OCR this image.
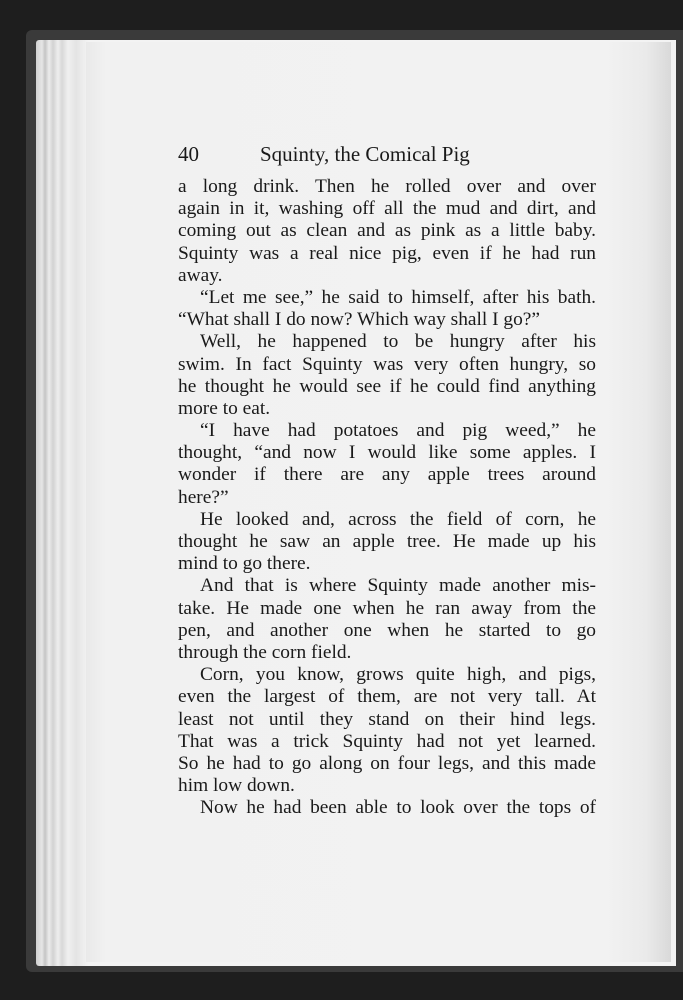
40	Squinty, the Comical Pig
a long drink. Then he rolled over and over
again in it, washing off all the mud and dirt, and
coming out as clean and as pink as a little baby.
Squinty was a real nice pig, even if he had run
away.
“Let me see,” he said to himself, after his bath.
“What shall I do now? Which way shall I go?”
Well, he happened to be hungry after his
swim. In fact Squinty was very often hungry, so
he thought he would see if he could find anything
more to eat.
“I have had potatoes and pig weed,” he
thought, “and now I would like some apples. I
wonder if there are any apple trees around
here?”
He looked and, across the field of corn, he
thought he saw an apple tree. He made up his
mind to go there.
And that is where Squinty made another mis-
take. He made one when he ran away from the
pen, and another one when he started to go
through the corn field.
Corn, you know, grows quite high, and pigs,
even the largest of them, are not very tall. At
least not until they stand on their hind legs.
That was a trick Squinty had not yet learned.
So he had to go along on four legs, and this made
him low down.
Now he had been able to look over the tops of
